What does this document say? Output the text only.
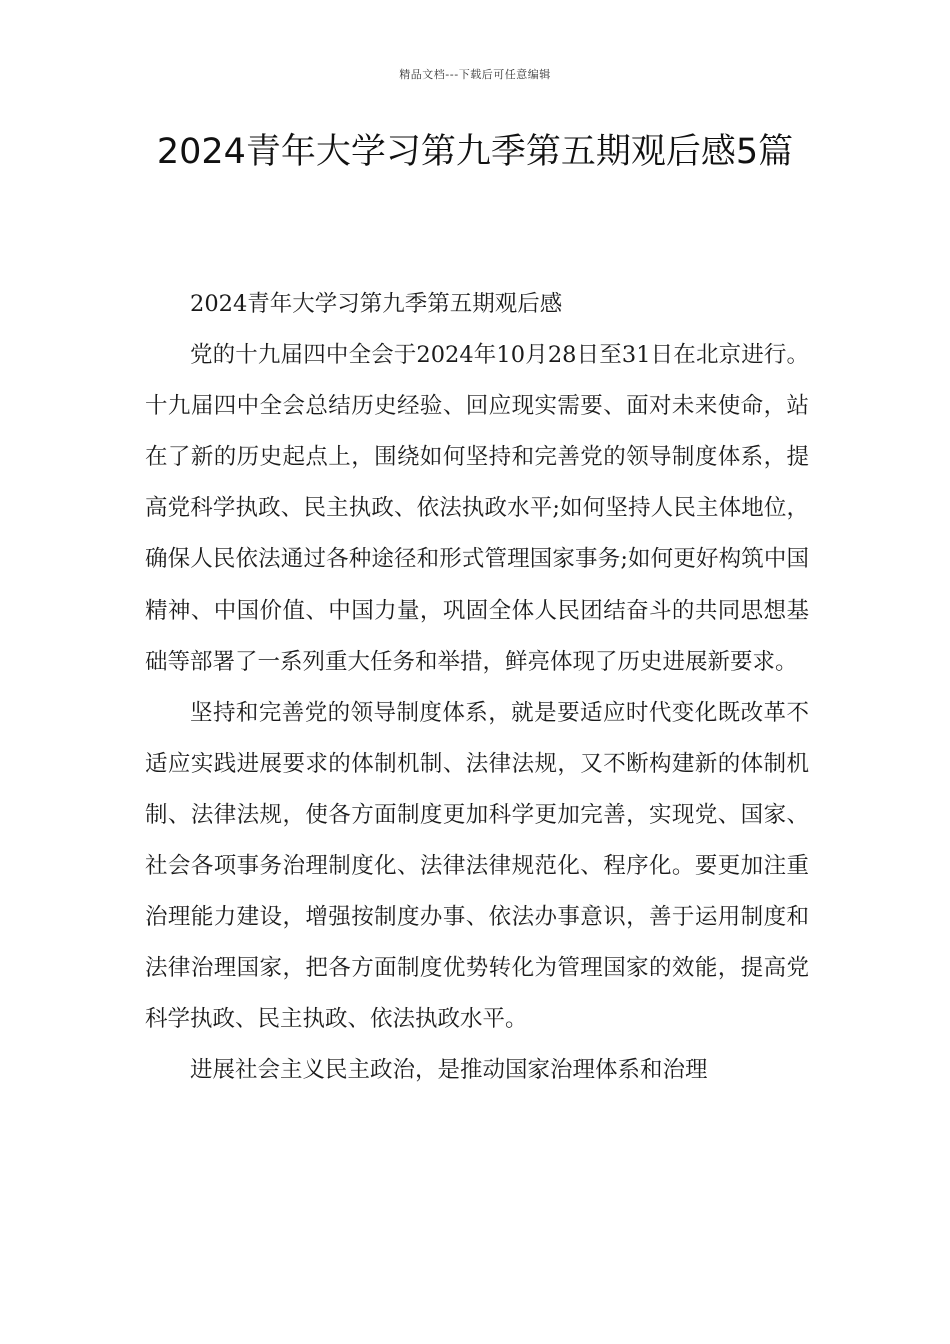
精品文档---下载后可任意编辑
2024青年大学习第九季第五期观后感5篇

2024青年大学习第九季第五期观后感

党的十九届四中全会于2024年10月28日至31日在北京进行。十九届四中全会总结历史经验、回应现实需要、面对未来使命，站在了新的历史起点上，围绕如何坚持和完善党的领导制度体系，提高党科学执政、民主执政、依法执政水平;如何坚持人民主体地位，确保人民依法通过各种途径和形式管理国家事务;如何更好构筑中国精神、中国价值、中国力量，巩固全体人民团结奋斗的共同思想基础等部署了一系列重大任务和举措，鲜亮体现了历史进展新要求。

坚持和完善党的领导制度体系，就是要适应时代变化既改革不适应实践进展要求的体制机制、法律法规，又不断构建新的体制机制、法律法规，使各方面制度更加科学更加完善，实现党、国家、社会各项事务治理制度化、法律法律规范化、程序化。要更加注重治理能力建设，增强按制度办事、依法办事意识，善于运用制度和法律治理国家，把各方面制度优势转化为管理国家的效能，提高党科学执政、民主执政、依法执政水平。

进展社会主义民主政治，是推动国家治理体系和治理
